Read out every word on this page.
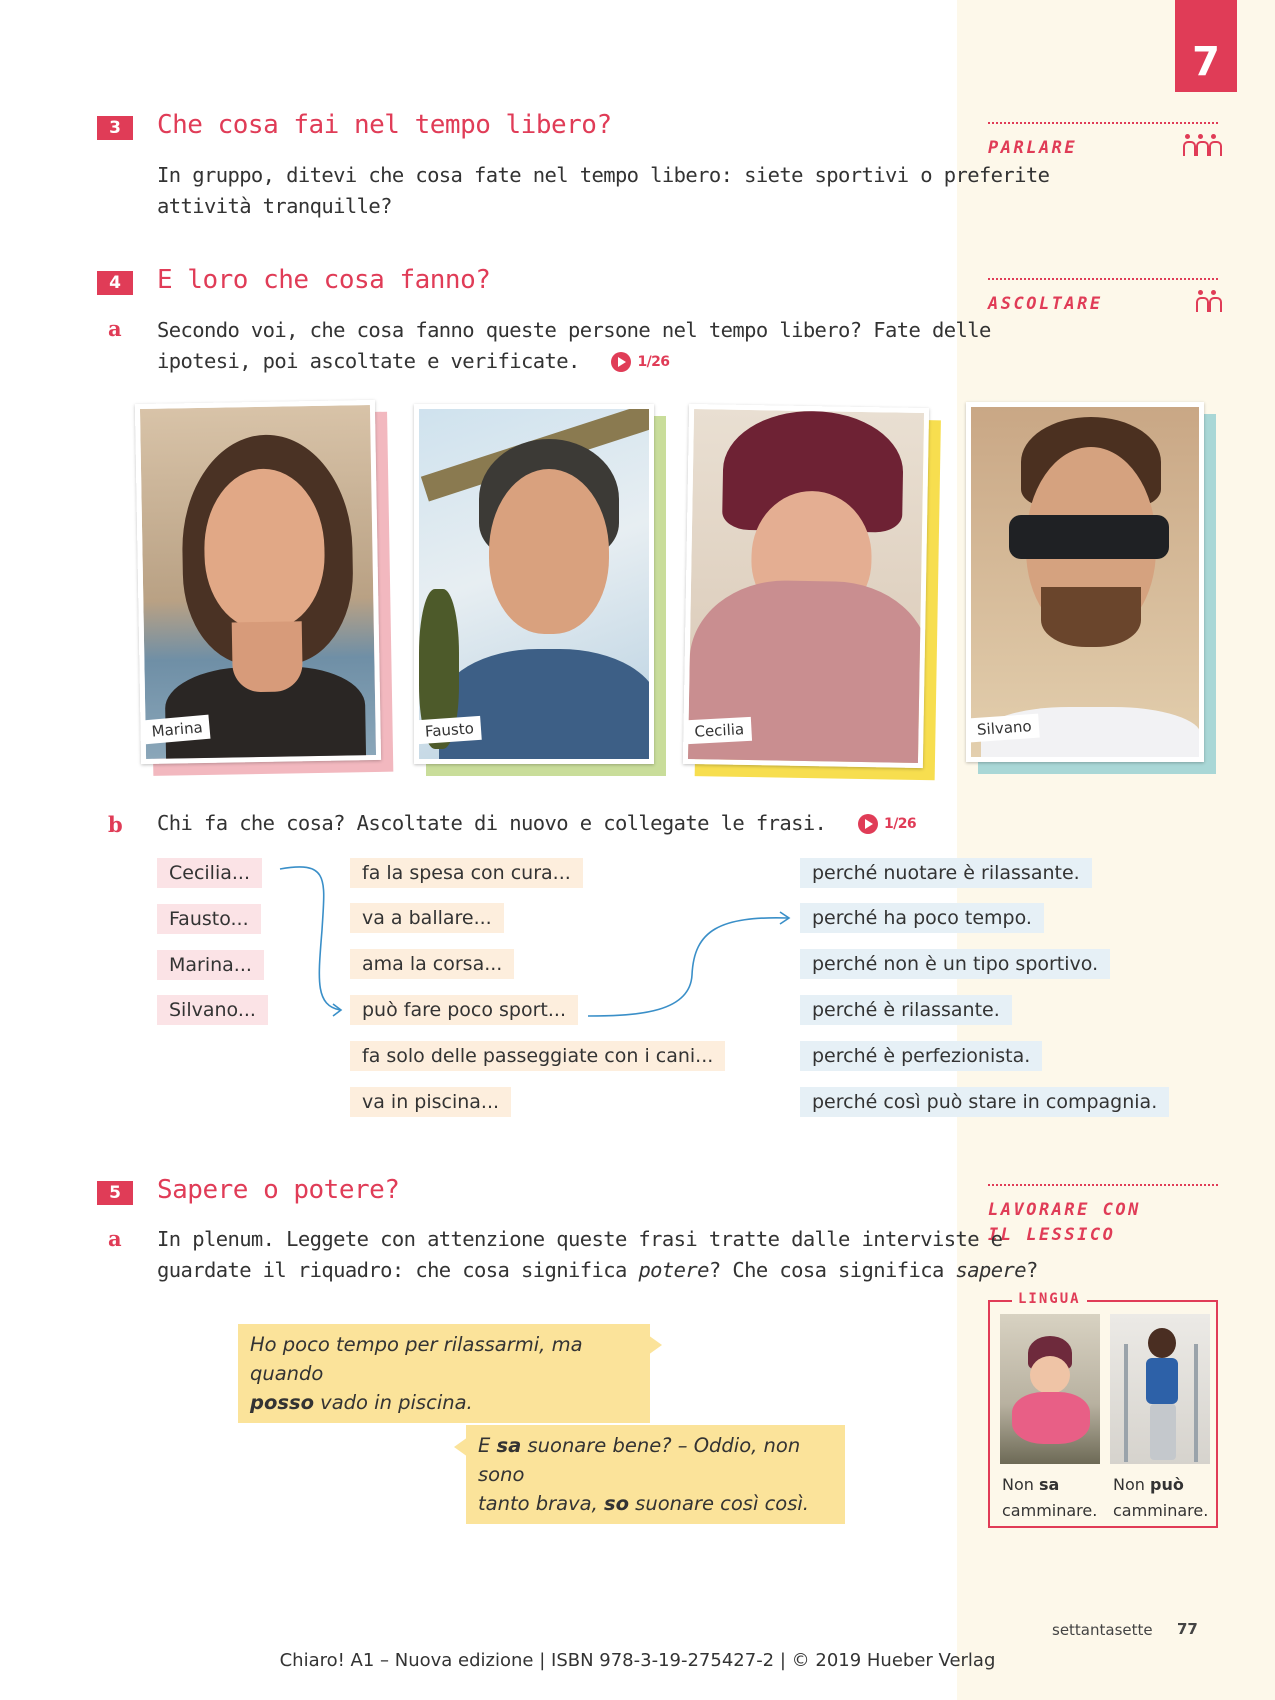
7
3	Che cosa fai nel tempo libero?
In gruppo, ditevi che cosa fate nel tempo libero: siete sportivi o preferite
attività tranquille?
PARLARE
4	E loro che cosa fanno?
ASCOLTARE
a Secondo voi, che cosa fanno queste persone nel tempo libero? Fate delle
ipotesi, poi ascoltate e verificate.	1/26
Marina	Fausto	Cecilia	Silvano
b Chi fa che cosa? Ascoltate di nuovo e collegate le frasi.	1/26
Cecilia...
Fausto...
Marina...
Silvano...
fa la spesa con cura...
va a ballare...
ama la corsa...
può fare poco sport...
fa solo delle passeggiate con i cani...
va in piscina...
perché nuotare è rilassante.
perché ha poco tempo.
perché non è un tipo sportivo.
perché è rilassante.
perché è perfezionista.
perché così può stare in compagnia.
5	Sapere o potere?
LAVORARE CON
IL LESSICO
a In plenum. Leggete con attenzione queste frasi tratte dalle interviste e
guardate il riquadro: che cosa significa potere? Che cosa significa sapere?
Ho poco tempo per rilassarmi, ma quando
posso vado in piscina.
E sa suonare bene? – Oddio, non sono
tanto brava, so suonare così così.
LINGUA
Non sa
camminare.
Non può
camminare.
settantasette 77
Chiaro! A1 – Nuova edizione | ISBN 978-3-19-275427-2 | © 2019 Hueber Verlag
